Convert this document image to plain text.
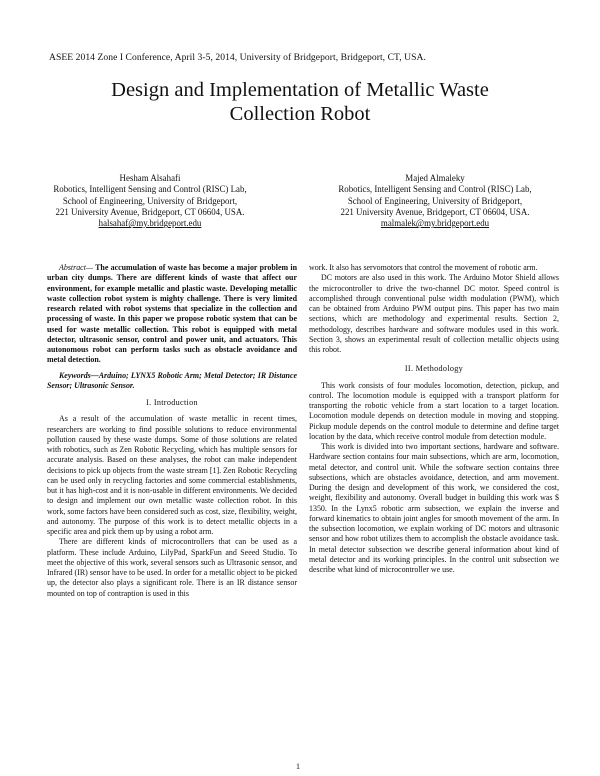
ASEE 2014 Zone I Conference, April 3-5, 2014, University of Bridgeport, Bridgeport, CT, USA.
Design and Implementation of Metallic Waste
Collection Robot
Hesham Alsahafi
Robotics, Intelligent Sensing and Control (RISC) Lab,
School of Engineering, University of Bridgeport,
221 University Avenue, Bridgeport, CT 06604, USA.
halsahaf@my.bridgeport.edu
Majed Almaleky
Robotics, Intelligent Sensing and Control (RISC) Lab,
School of Engineering, University of Bridgeport,
221 University Avenue, Bridgeport, CT 06604, USA.
malmalek@my.bridgeport.edu

Abstract— The accumulation of waste has become a major problem in urban city dumps. There are different kinds of waste that affect our environment, for example metallic and plastic waste. Developing metallic waste collection robot system is mighty challenge. There is very limited research related with robot systems that specialize in the collection and processing of waste. In this paper we propose robotic system that can be used for waste metallic collection. This robot is equipped with metal detector, ultrasonic sensor, control and power unit, and actuators. This autonomous robot can perform tasks such as obstacle avoidance and metal detection.

Keywords—Arduino; LYNX5 Robotic Arm; Metal Detector; IR Distance Sensor; Ultrasonic Sensor.

I. Introduction

As a result of the accumulation of waste metallic in recent times, researchers are working to find possible solutions to reduce environmental pollution caused by these waste dumps. Some of those solutions are related with robotics, such as Zen Robotic Recycling, which has multiple sensors for accurate analysis. Based on these analyses, the robot can make independent decisions to pick up objects from the waste stream [1]. Zen Robotic Recycling can be used only in recycling factories and some commercial establishments, but it has high-cost and it is non-usable in different environments. We decided to design and implement our own metallic waste collection robot. In this work, some factors have been considered such as cost, size, flexibility, weight, and autonomy. The purpose of this work is to detect metallic objects in a specific area and pick them up by using a robot arm.

There are different kinds of microcontrollers that can be used as a platform. These include Arduino, LilyPad, SparkFun and Seeed Studio. To meet the objective of this work, several sensors such as Ultrasonic sensor, and Infrared (IR) sensor have to be used. In order for a metallic object to be picked up, the detector also plays a significant role. There is an IR distance sensor mounted on top of contraption is used in this

work. It also has servomotors that control the movement of robotic arm.

DC motors are also used in this work. The Arduino Motor Shield allows the microcontroller to drive the two-channel DC motor. Speed control is accomplished through conventional pulse width modulation (PWM), which can be obtained from Arduino PWM output pins. This paper has two main sections, which are methodology and experimental results. Section 2, methodology, describes hardware and software modules used in this work. Section 3, shows an experimental result of collection metallic objects using this robot.

II. Methodology

This work consists of four modules locomotion, detection, pickup, and control. The locomotion module is equipped with a transport platform for transporting the robotic vehicle from a start location to a target location. Locomotion module depends on detection module in moving and stopping. Pickup module depends on the control module to determine and define target location by the data, which receive control module from detection module.

This work is divided into two important sections, hardware and software. Hardware section contains four main subsections, which are arm, locomotion, metal detector, and control unit. While the software section contains three subsections, which are obstacles avoidance, detection, and arm movement. During the design and development of this work, we considered the cost, weight, flexibility and autonomy. Overall budget in building this work was $ 1350. In the Lynx5 robotic arm subsection, we explain the inverse and forward kinematics to obtain joint angles for smooth movement of the arm. In the subsection locomotion, we explain working of DC motors and ultrasonic sensor and how robot utilizes them to accomplish the obstacle avoidance task. In metal detector subsection we describe general information about kind of metal detector and its working principles. In the control unit subsection we describe what kind of microcontroller we use.

1
